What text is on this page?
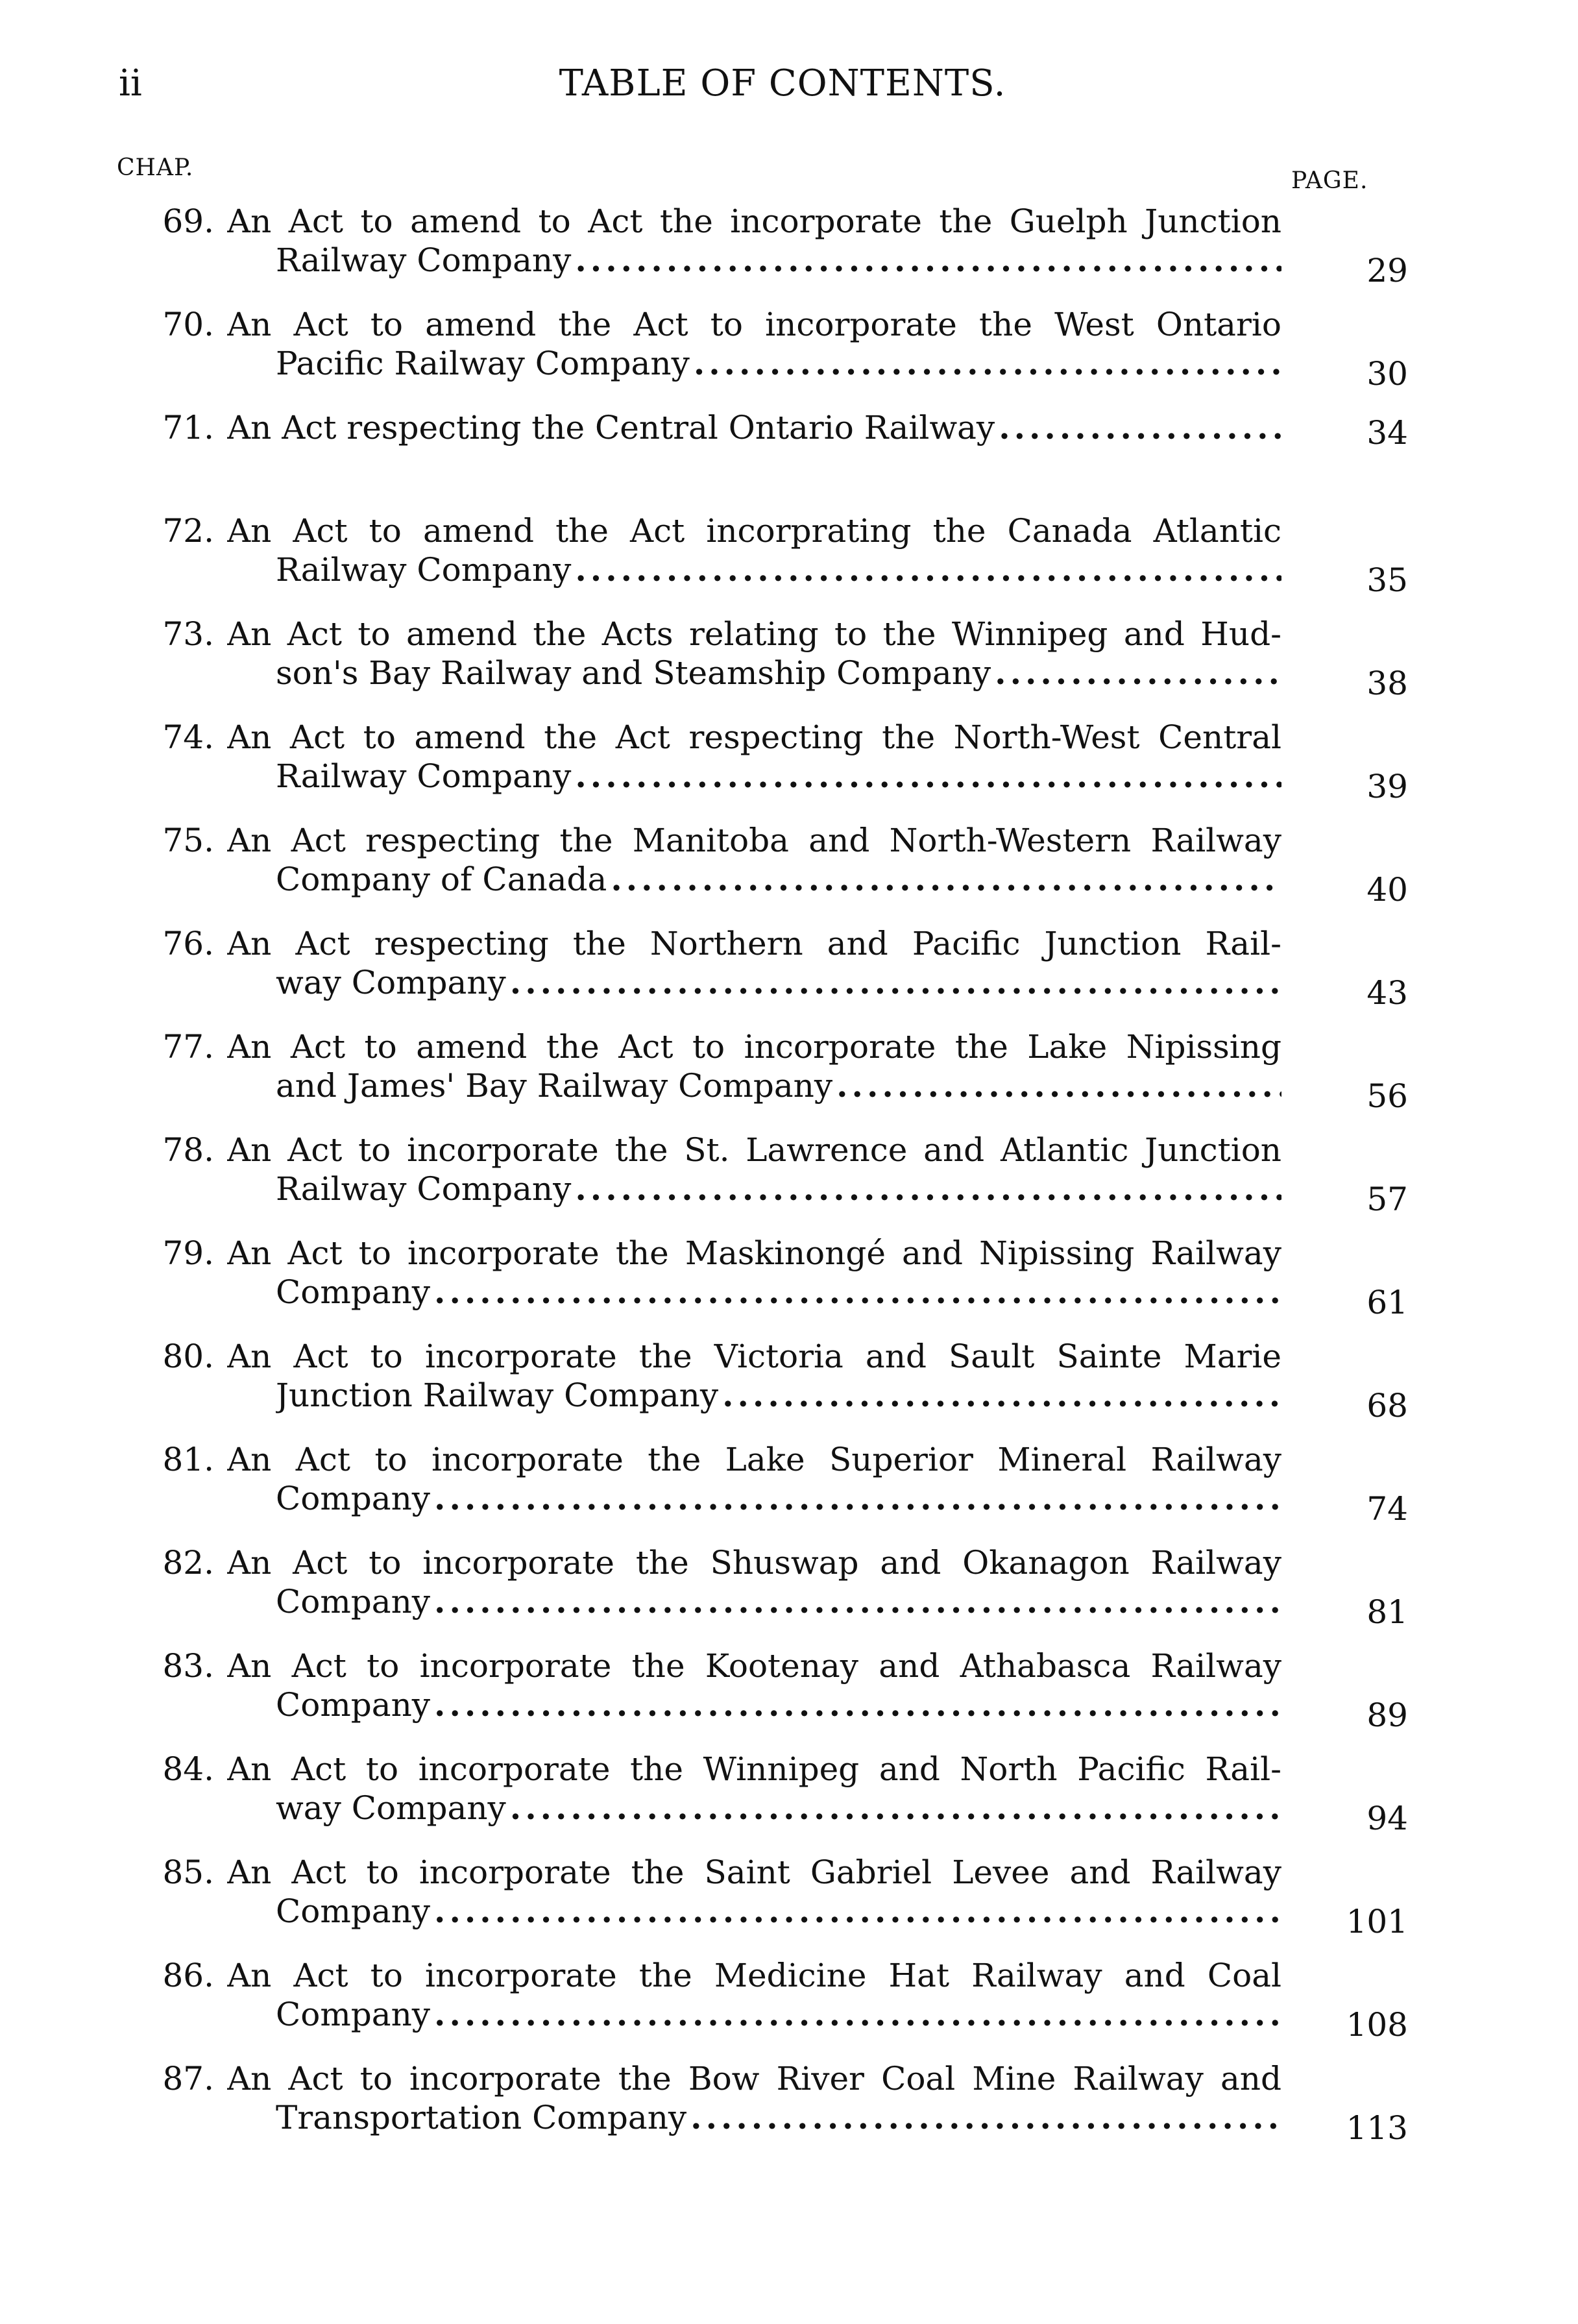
ii	TABLE OF CONTENTS.
CHAP.	PAGE.
69. An Act to amend to Act the incorporate the Guelph Junction
Railway Company .....	29
70. An Act to amend the Act to incorporate the West Ontario
Pacific Railway Company .....	30
71. An Act respecting the Central Ontario Railway .....	34
72. An Act to amend the Act incorprating the Canada Atlantic
Railway Company .....	35
73. An Act to amend the Acts relating to the Winnipeg and Hud-
son's Bay Railway and Steamship Company .....	38
74. An Act to amend the Act respecting the North-West Central
Railway Company .....	39
75. An Act respecting the Manitoba and North-Western Railway
Company of Canada .....	40
76. An Act respecting the Northern and Pacific Junction Rail-
way Company .....	43
77. An Act to amend the Act to incorporate the Lake Nipissing
and James' Bay Railway Company .....	56
78. An Act to incorporate the St. Lawrence and Atlantic Junction
Railway Company .....	57
79. An Act to incorporate the Maskinongé and Nipissing Railway
Company .....	61
80. An Act to incorporate the Victoria and Sault Sainte Marie
Junction Railway Company .....	68
81. An Act to incorporate the Lake Superior Mineral Railway
Company .....	74
82. An Act to incorporate the Shuswap and Okanagon Railway
Company .....	81
83. An Act to incorporate the Kootenay and Athabasca Railway
Company .....	89
84. An Act to incorporate the Winnipeg and North Pacific Rail-
way Company .....	94
85. An Act to incorporate the Saint Gabriel Levee and Railway
Company .....	101
86. An Act to incorporate the Medicine Hat Railway and Coal
Company .....	108
87. An Act to incorporate the Bow River Coal Mine Railway and
Transportation Company .....	113
